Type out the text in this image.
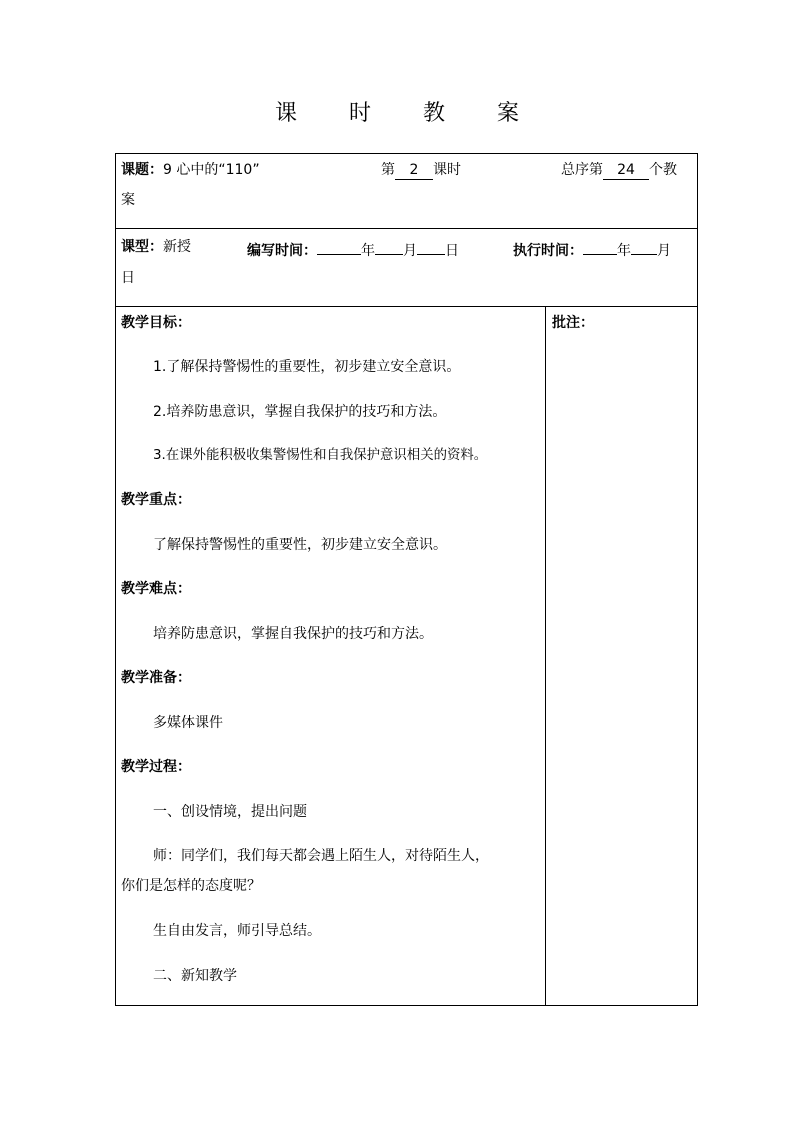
课 时 教 案
课题：9 心中的“110”	第 2 课时	总序第 24 个教
案
课型：新授	编写时间：	年 月 日	执行时间： 年 月
日
批注：
教学目标：
1.了解保持警惕性的重要性，初步建立安全意识。
2.培养防患意识，掌握自我保护的技巧和方法。
3.在课外能积极收集警惕性和自我保护意识相关的资料。
教学重点：
了解保持警惕性的重要性，初步建立安全意识。
教学难点：
培养防患意识，掌握自我保护的技巧和方法。
教学准备：
多媒体课件
教学过程：
一、创设情境，提出问题
师：同学们，我们每天都会遇上陌生人，对待陌生人，
你们是怎样的态度呢？
生自由发言，师引导总结。
二、新知教学
